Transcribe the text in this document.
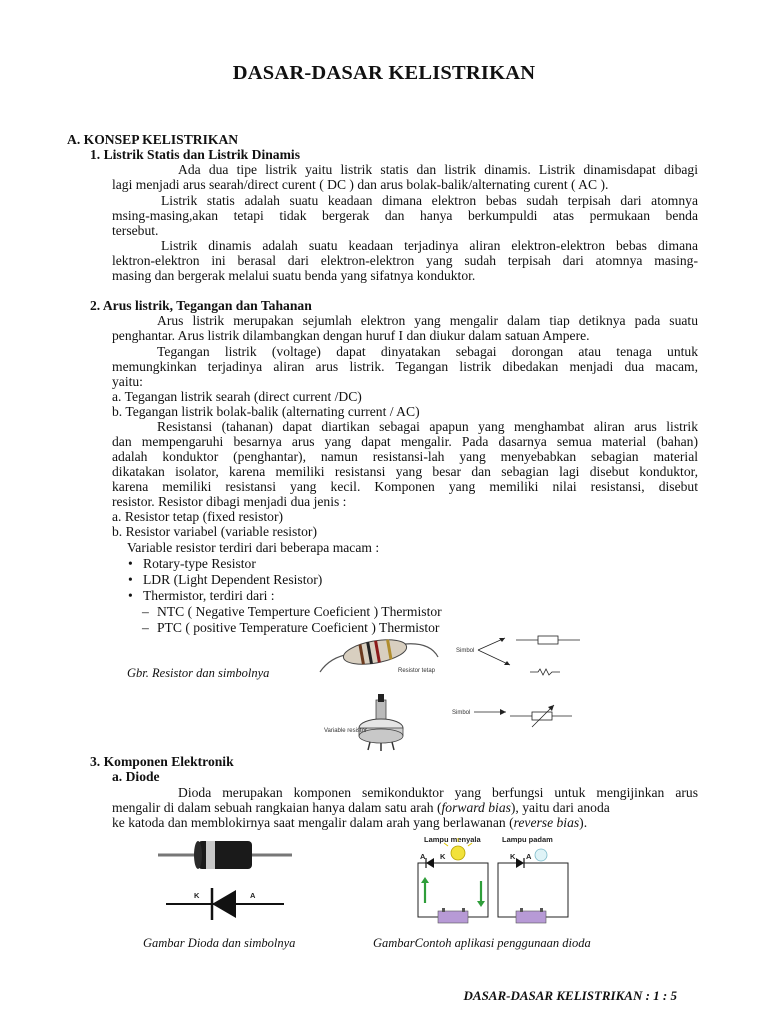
DASAR-DASAR KELISTRIKAN
A. KONSEP KELISTRIKAN
1. Listrik Statis dan Listrik Dinamis
Ada dua tipe listrik yaitu listrik statis dan listrik dinamis. Listrik dinamisdapat dibagi
lagi menjadi arus searah/direct curent ( DC ) dan arus bolak-balik/alternating curent ( AC ).
Listrik statis adalah suatu keadaan dimana elektron bebas sudah terpisah dari atomnya
msing-masing,akan tetapi tidak bergerak dan hanya berkumpuldi atas permukaan benda
tersebut.
Listrik dinamis adalah suatu keadaan terjadinya aliran elektron-elektron bebas dimana
lektron-elektron ini berasal dari elektron-elektron yang sudah terpisah dari atomnya masing-
masing dan bergerak melalui suatu benda yang sifatnya konduktor.
2. Arus listrik, Tegangan dan Tahanan
Arus listrik merupakan sejumlah elektron yang mengalir dalam tiap detiknya pada suatu
penghantar. Arus listrik dilambangkan dengan huruf I dan diukur dalam satuan Ampere.
Tegangan listrik (voltage) dapat dinyatakan sebagai dorongan atau tenaga untuk
memungkinkan terjadinya aliran arus listrik. Tegangan listrik dibedakan menjadi dua macam,
yaitu:
a. Tegangan listrik searah (direct current /DC)
b. Tegangan listrik bolak-balik (alternating current / AC)
Resistansi (tahanan) dapat diartikan sebagai apapun yang menghambat aliran arus listrik
dan mempengaruhi besarnya arus yang dapat mengalir. Pada dasarnya semua material (bahan)
adalah konduktor (penghantar), namun resistansi-lah yang menyebabkan sebagian material
dikatakan isolator, karena memiliki resistansi yang besar dan sebagian lagi disebut konduktor,
karena memiliki resistansi yang kecil. Komponen yang memiliki nilai resistansi, disebut
resistor. Resistor dibagi menjadi dua jenis :
a. Resistor tetap (fixed resistor)
b. Resistor variabel (variable resistor)
Variable resistor terdiri dari beberapa macam :
• Rotary-type Resistor
• LDR (Light Dependent Resistor)
• Thermistor, terdiri dari :
– NTC ( Negative Temperture Coeficient ) Thermistor
– PTC ( positive Temperature Coeficient ) Thermistor
Gbr. Resistor dan simbolnya	Resistor tetap
Variable resistor
Simbol
Simbol
3. Komponen Elektronik
a. Diode
Dioda merupakan komponen semikonduktor yang berfungsi untuk mengijinkan arus
mengalir di dalam sebuah rangkaian hanya dalam satu arah (forward bias), yaitu dari anoda
ke katoda dan memblokirnya saat mengalir dalam arah yang berlawanan (reverse bias).
K	A
Lampu menyala
A K
Lampu padam
K A
Gambar Dioda dan simbolnya	GambarContoh aplikasi penggunaan dioda
DASAR-DASAR KELISTRIKAN : 1 : 5
